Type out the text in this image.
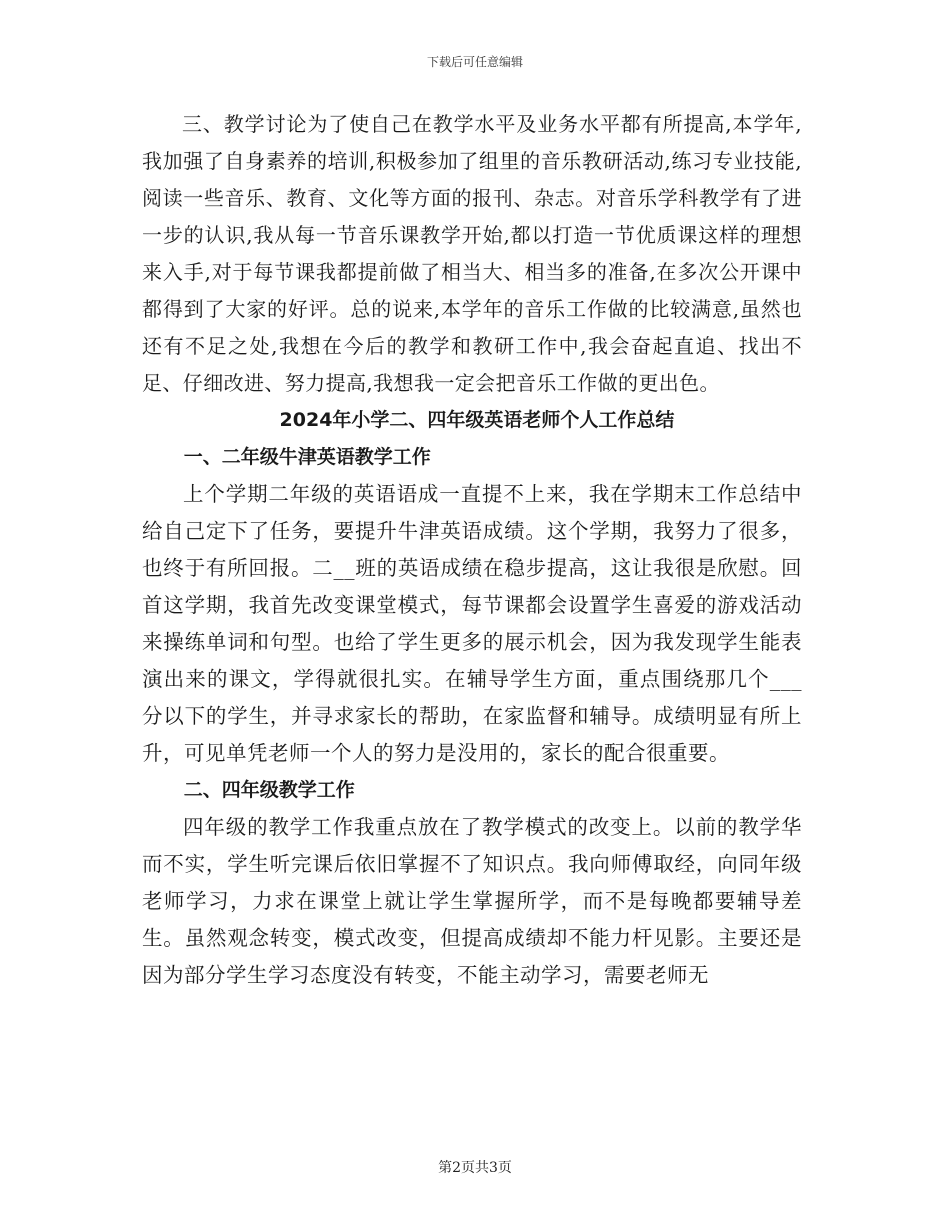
下载后可任意编辑

三、教学讨论为了使自己在教学水平及业务水平都有所提高,本学年,我加强了自身素养的培训,积极参加了组里的音乐教研活动,练习专业技能,阅读一些音乐、教育、文化等方面的报刊、杂志。对音乐学科教学有了进一步的认识,我从每一节音乐课教学开始,都以打造一节优质课这样的理想来入手,对于每节课我都提前做了相当大、相当多的准备,在多次公开课中都得到了大家的好评。总的说来,本学年的音乐工作做的比较满意,虽然也还有不足之处,我想在今后的教学和教研工作中,我会奋起直追、找出不足、仔细改进、努力提高,我想我一定会把音乐工作做的更出色。

2024年小学二、四年级英语老师个人工作总结
一、二年级牛津英语教学工作

上个学期二年级的英语语成一直提不上来，我在学期末工作总结中给自己定下了任务，要提升牛津英语成绩。这个学期，我努力了很多，也终于有所回报。二__班的英语成绩在稳步提高，这让我很是欣慰。回首这学期，我首先改变课堂模式，每节课都会设置学生喜爱的游戏活动来操练单词和句型。也给了学生更多的展示机会，因为我发现学生能表演出来的课文，学得就很扎实。在辅导学生方面，重点围绕那几个___分以下的学生，并寻求家长的帮助，在家监督和辅导。成绩明显有所上升，可见单凭老师一个人的努力是没用的，家长的配合很重要。

二、四年级教学工作

四年级的教学工作我重点放在了教学模式的改变上。以前的教学华而不实，学生听完课后依旧掌握不了知识点。我向师傅取经，向同年级老师学习，力求在课堂上就让学生掌握所学，而不是每晚都要辅导差生。虽然观念转变，模式改变，但提高成绩却不能力杆见影。主要还是因为部分学生学习态度没有转变，不能主动学习，需要老师无

第2页共3页
